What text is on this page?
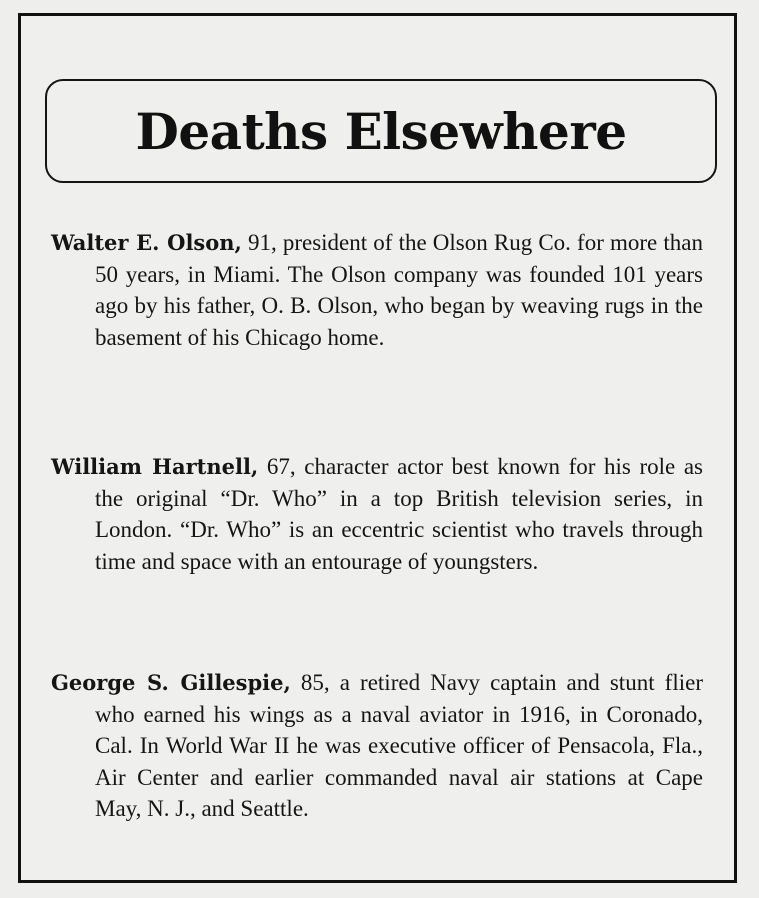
Deaths Elsewhere

Walter E. Olson, 91, president of the Olson Rug Co. for more than 50 years, in Miami. The Olson company was founded 101 years ago by his father, O. B. Olson, who began by weaving rugs in the basement of his Chicago home.

William Hartnell, 67, character actor best known for his role as the original “Dr. Who” in a top British television series, in London. “Dr. Who” is an eccentric scientist who travels through time and space with an entourage of youngsters.

George S. Gillespie, 85, a retired Navy captain and stunt flier who earned his wings as a naval aviator in 1916, in Coronado, Cal. In World War II he was executive officer of Pensacola, Fla., Air Center and earlier commanded naval air stations at Cape May, N. J., and Seattle.
